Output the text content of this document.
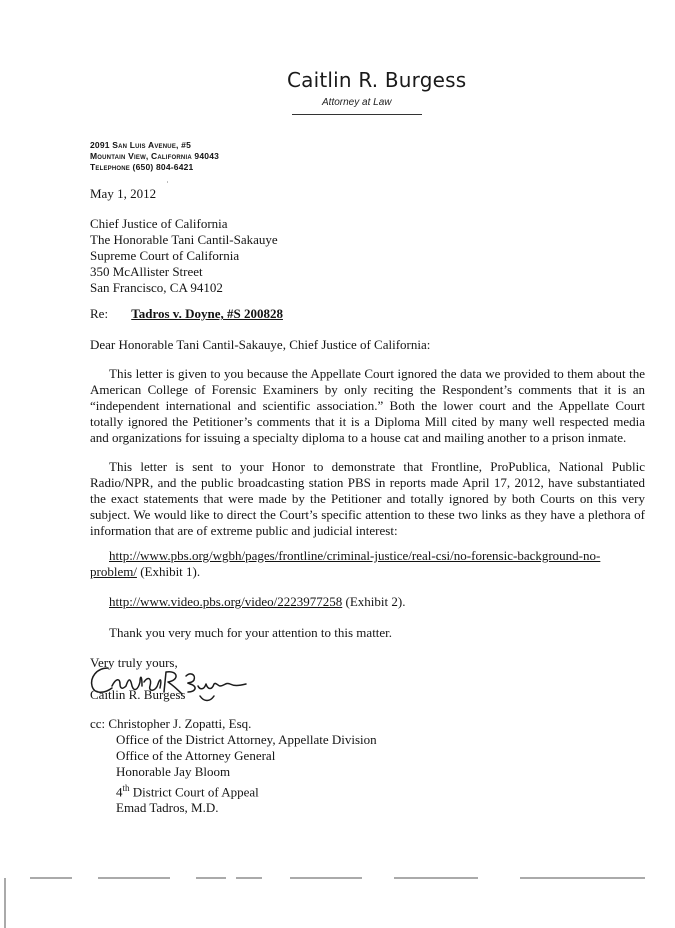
Caitlin R. Burgess
Attorney at Law
2091 San Luis Avenue, #5
Mountain View, California 94043
Telephone (650) 804-6421
May 1, 2012
˙
Chief Justice of California
The Honorable Tani Cantil-Sakauye
Supreme Court of California
350 McAllister Street
San Francisco, CA 94102
Re: Tadros v. Doyne, #S 200828
Dear Honorable Tani Cantil-Sakauye, Chief Justice of California:
This letter is given to you because the Appellate Court ignored the data we provided to them about the American College of Forensic Examiners by only reciting the Respondent’s comments that it is an “independent international and scientific association.” Both the lower court and the Appellate Court totally ignored the Petitioner’s comments that it is a Diploma Mill cited by many well respected media and organizations for issuing a specialty diploma to a house cat and mailing another to a prison inmate.
This letter is sent to your Honor to demonstrate that Frontline, ProPublica, National Public Radio/NPR, and the public broadcasting station PBS in reports made April 17, 2012, have substantiated the exact statements that were made by the Petitioner and totally ignored by both Courts on this very subject. We would like to direct the Court’s specific attention to these two links as they have a plethora of information that are of extreme public and judicial interest:
http://www.pbs.org/wgbh/pages/frontline/criminal-justice/real-csi/no-forensic-background-no-problem/ (Exhibit 1).
http://www.video.pbs.org/video/2223977258 (Exhibit 2).
Thank you very much for your attention to this matter.
Very truly yours,
Caitlin R. Burgess
cc: Christopher J. Zopatti, Esq.
Office of the District Attorney, Appellate Division
Office of the Attorney General
Honorable Jay Bloom
4th District Court of Appeal
Emad Tadros, M.D.
